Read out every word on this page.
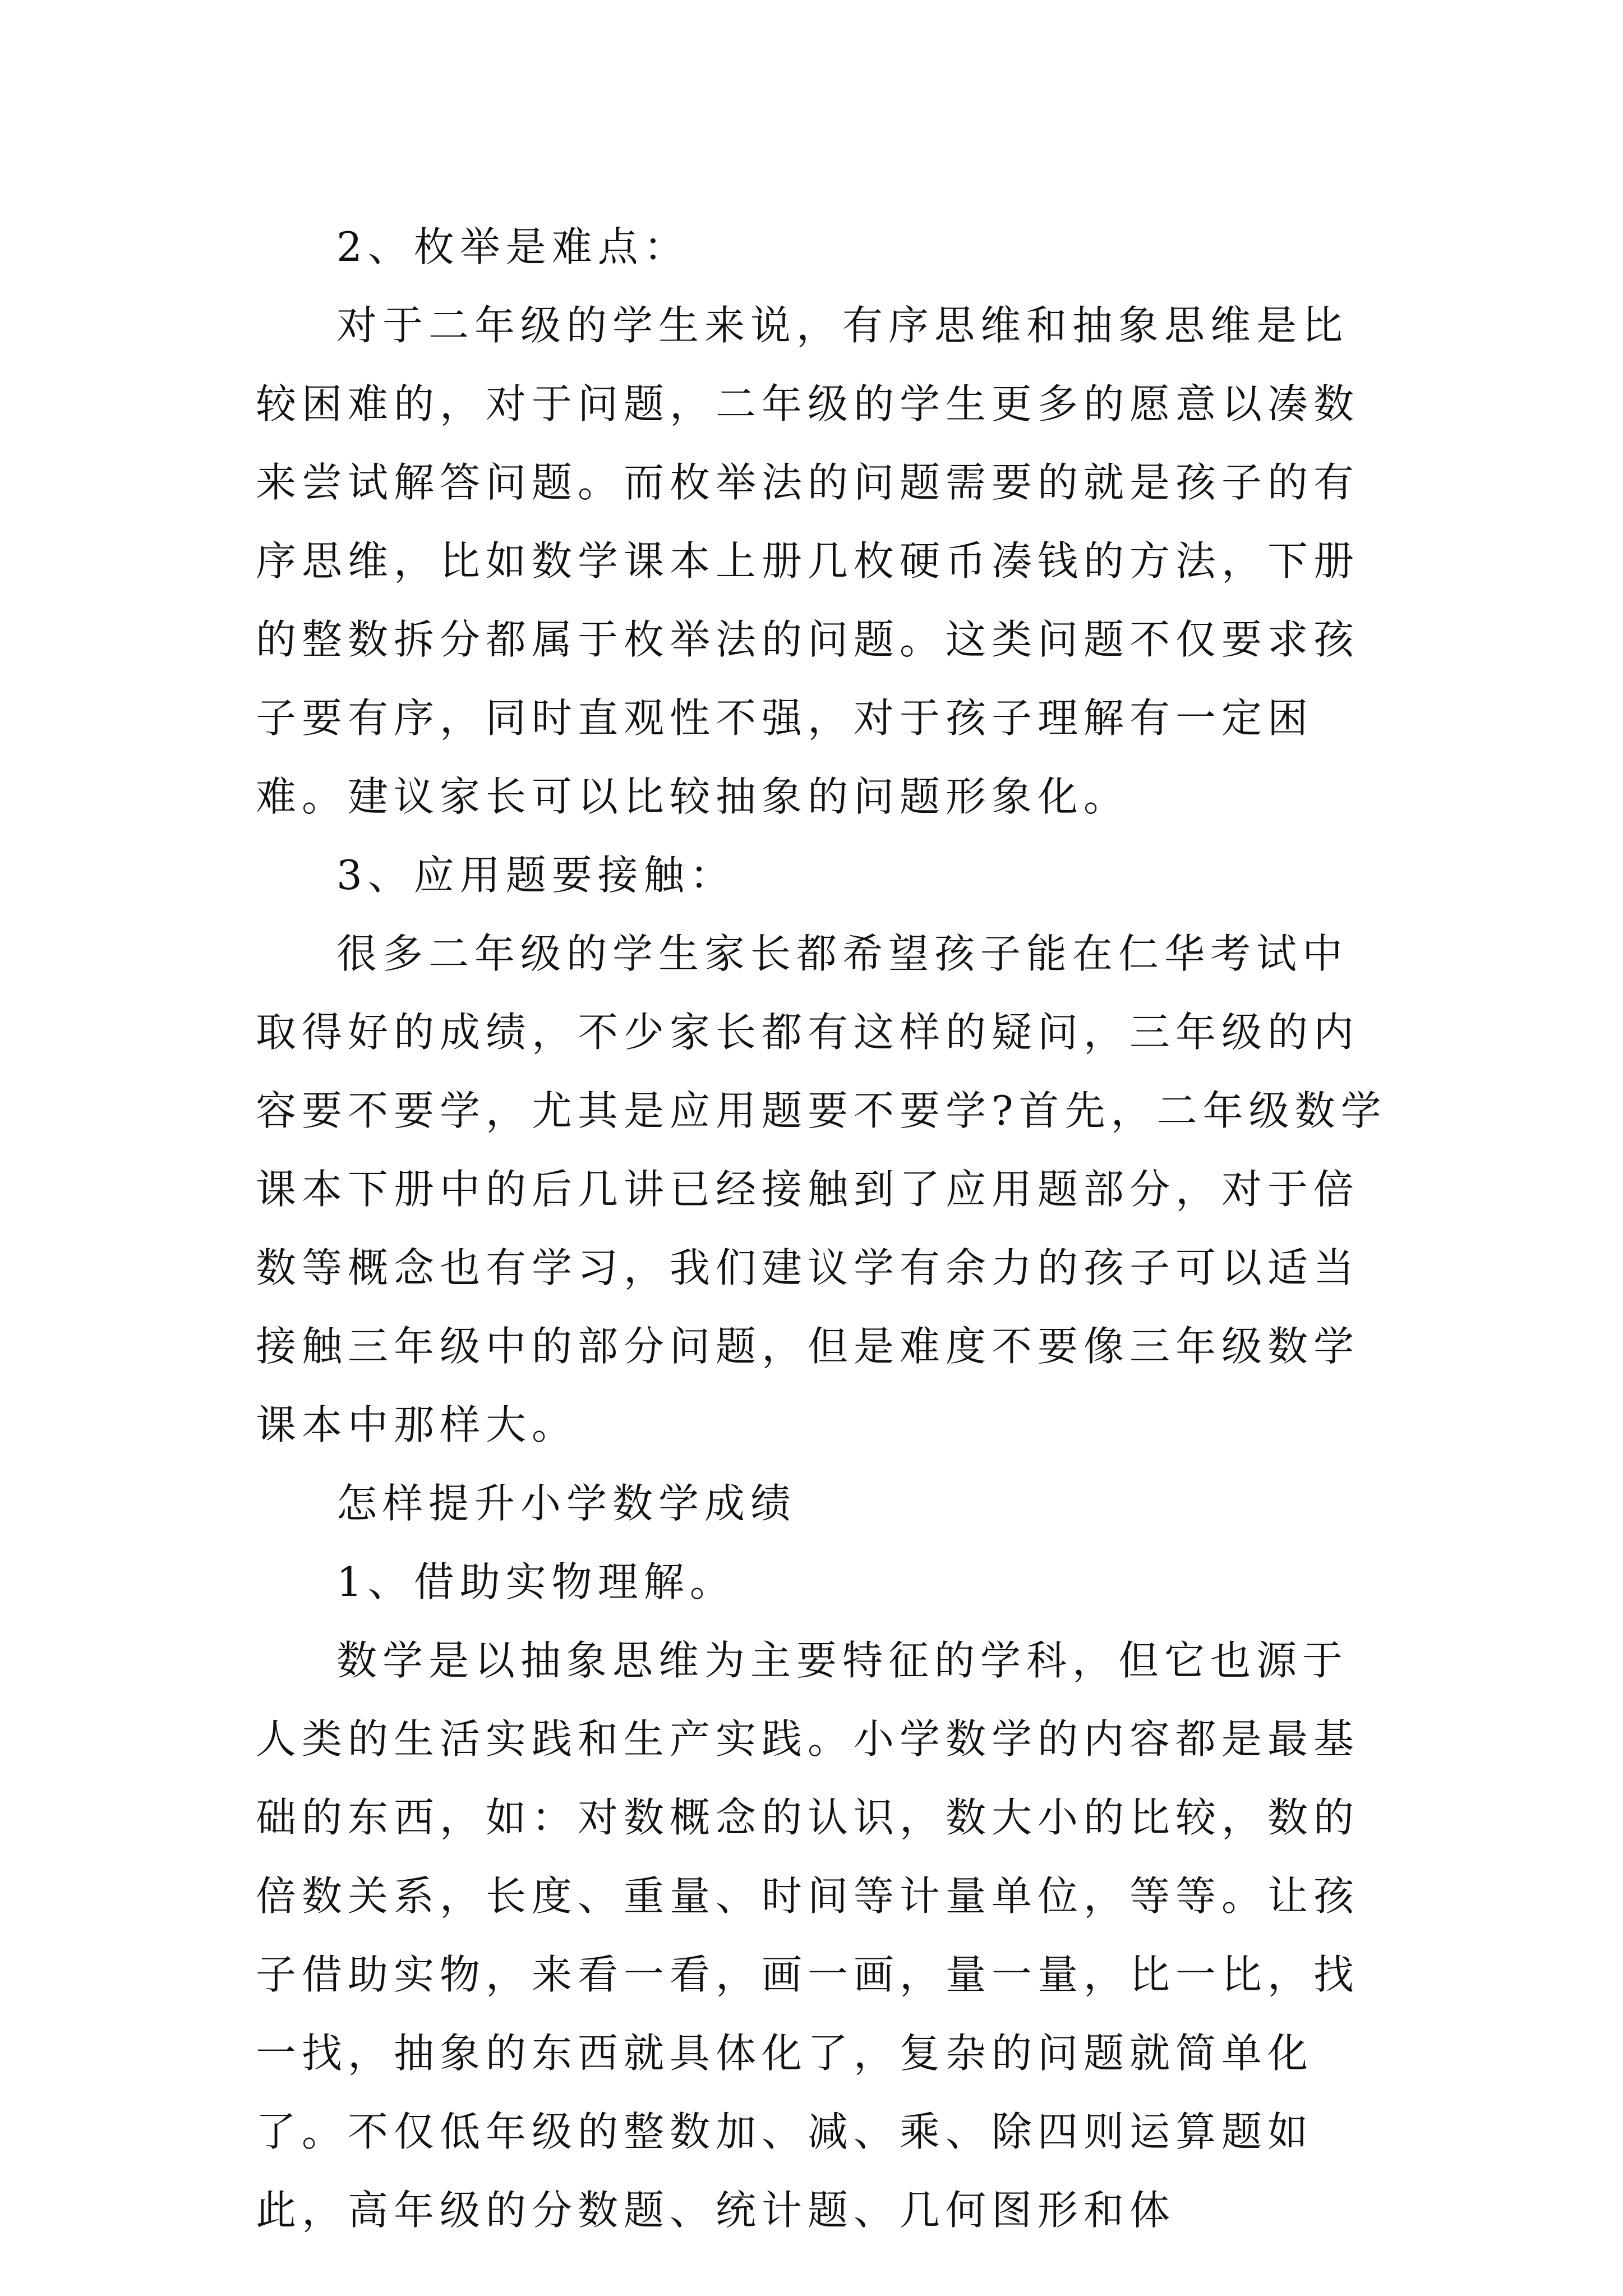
2、枚举是难点：

对于二年级的学生来说，有序思维和抽象思维是比较困难的，对于问题，二年级的学生更多的愿意以凑数来尝试解答问题。而枚举法的问题需要的就是孩子的有序思维，比如数学课本上册几枚硬币凑钱的方法，下册的整数拆分都属于枚举法的问题。这类问题不仅要求孩子要有序，同时直观性不强，对于孩子理解有一定困难。建议家长可以比较抽象的问题形象化。

3、应用题要接触：

很多二年级的学生家长都希望孩子能在仁华考试中取得好的成绩，不少家长都有这样的疑问，三年级的内容要不要学，尤其是应用题要不要学?首先，二年级数学课本下册中的后几讲已经接触到了应用题部分，对于倍数等概念也有学习，我们建议学有余力的孩子可以适当接触三年级中的部分问题，但是难度不要像三年级数学课本中那样大。

怎样提升小学数学成绩

1、借助实物理解。

数学是以抽象思维为主要特征的学科，但它也源于人类的生活实践和生产实践。小学数学的内容都是最基础的东西，如：对数概念的认识，数大小的比较，数的倍数关系，长度、重量、时间等计量单位，等等。让孩子借助实物，来看一看，画一画，量一量，比一比，找一找，抽象的东西就具体化了，复杂的问题就简单化了。不仅低年级的整数加、减、乘、除四则运算题如此，高年级的分数题、统计题、几何图形和体
